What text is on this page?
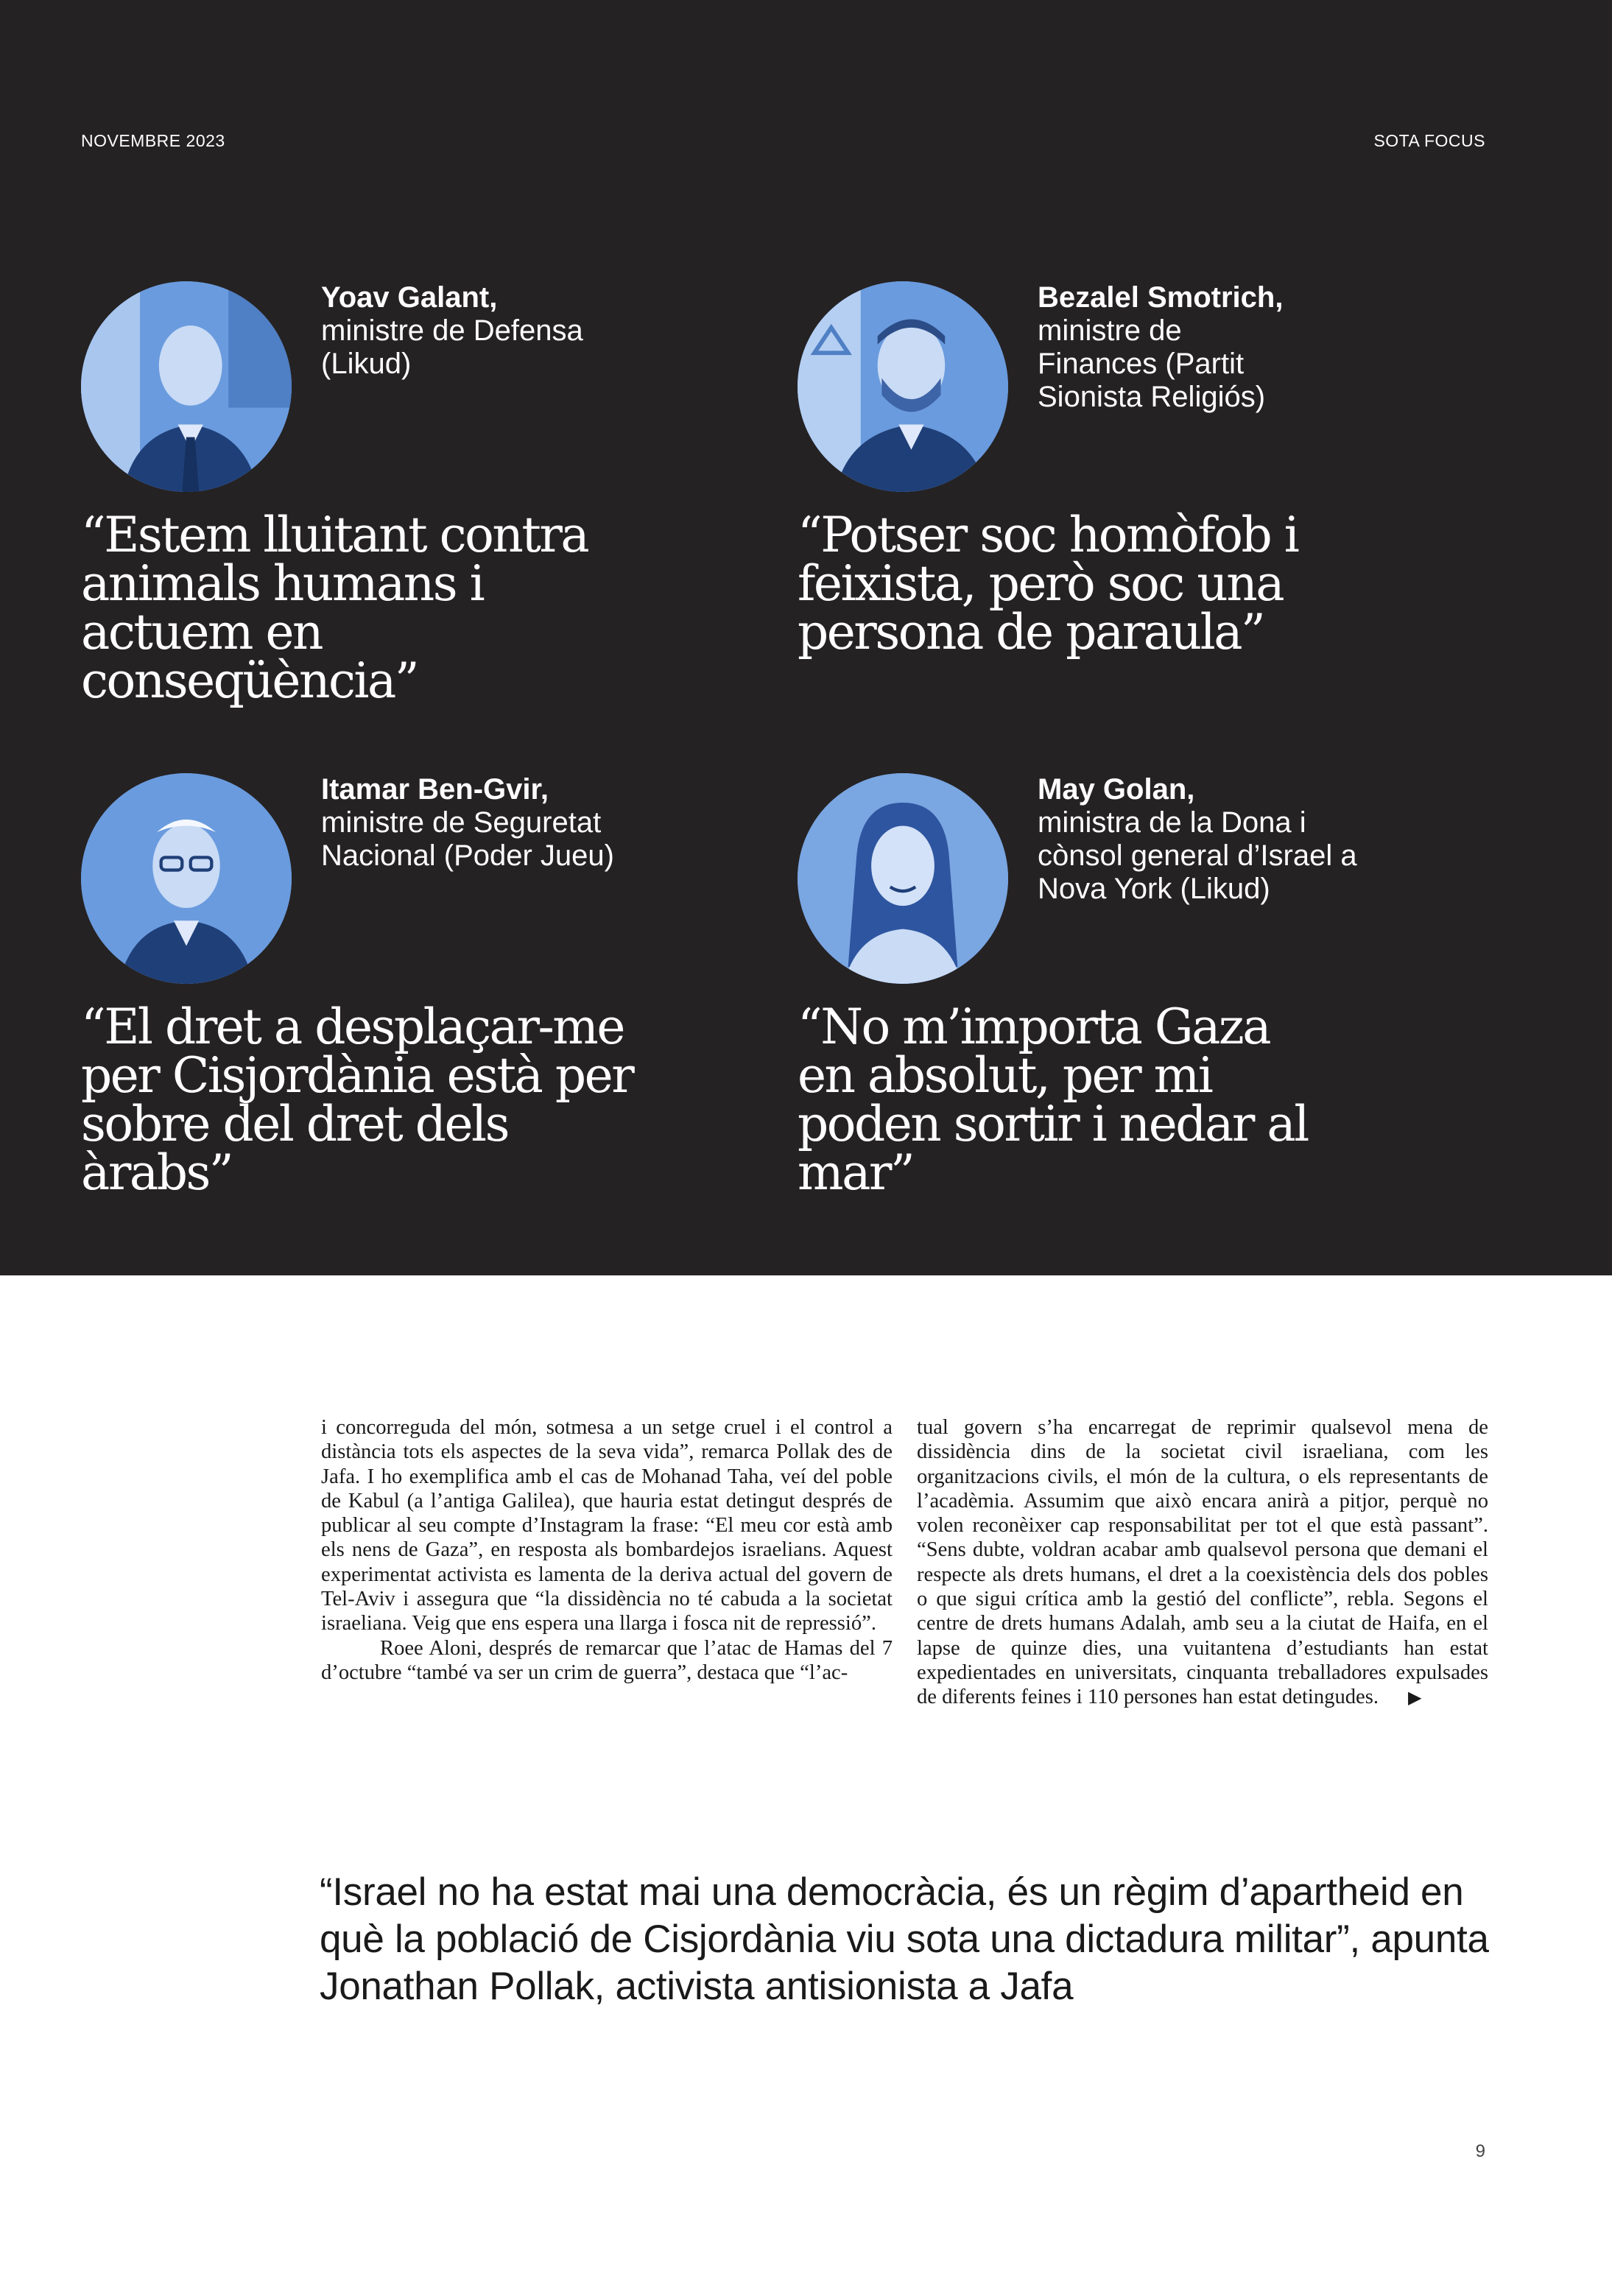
NOVEMBRE 2023	SOTA FOCUS
Yoav Galant,
ministre de Defensa (Likud)

“Estem lluitant contra animals humans i actuem en conseqüència”

Bezalel Smotrich,
ministre de Finances (Partit Sionista Religiós)

“Potser soc homòfob i feixista, però soc una persona de paraula”

Itamar Ben-Gvir,
ministre de Seguretat Nacional (Poder Jueu)

“El dret a desplaçar-me per Cisjordània està per sobre del dret dels àrabs”

May Golan,
ministra de la Dona i cònsol general d’Israel a Nova York (Likud)

“No m’importa Gaza en absolut, per mi poden sortir i nedar al mar”

i concorreguda del món, sotmesa a un setge cruel i el control a distància tots els aspectes de la seva vida”, remarca Pollak des de Jafa. I ho exemplifica amb el cas de Mohanad Taha, veí del poble de Kabul (a l’antiga Galilea), que hauria estat detingut després de publicar al seu compte d’Instagram la frase: “El meu cor està amb els nens de Gaza”, en resposta als bombardejos israelians. Aquest experimentat activista es lamenta de la deriva actual del govern de Tel-Aviv i assegura que “la dissidència no té cabuda a la societat israeliana. Veig que ens espera una llarga i fosca nit de repressió”.

Roee Aloni, després de remarcar que l’atac de Hamas del 7 d’octubre “també va ser un crim de guerra”, destaca que “l’ac-

tual govern s’ha encarregat de reprimir qualsevol mena de dissidència dins de la societat civil israeliana, com les organitzacions civils, el món de la cultura, o els representants de l’acadèmia. Assumim que això encara anirà a pitjor, perquè no volen reconèixer cap responsabilitat per tot el que està passant”. “Sens dubte, voldran acabar amb qualsevol persona que demani el respecte als drets humans, el dret a la coexistència dels dos pobles o que sigui crítica amb la gestió del conflicte”, rebla. Segons el centre de drets humans Adalah, amb seu a la ciutat de Haifa, en el lapse de quinze dies, una vuitantena d’estudiants han estat expedientades en universitats, cinquanta treballadores expulsades de diferents feines i 110 persones han estat detingudes. ▶

“Israel no ha estat mai una democràcia, és un règim d’apartheid en què la població de Cisjordània viu sota una dictadura militar”, apunta Jonathan Pollak, activista antisionista a Jafa

9
